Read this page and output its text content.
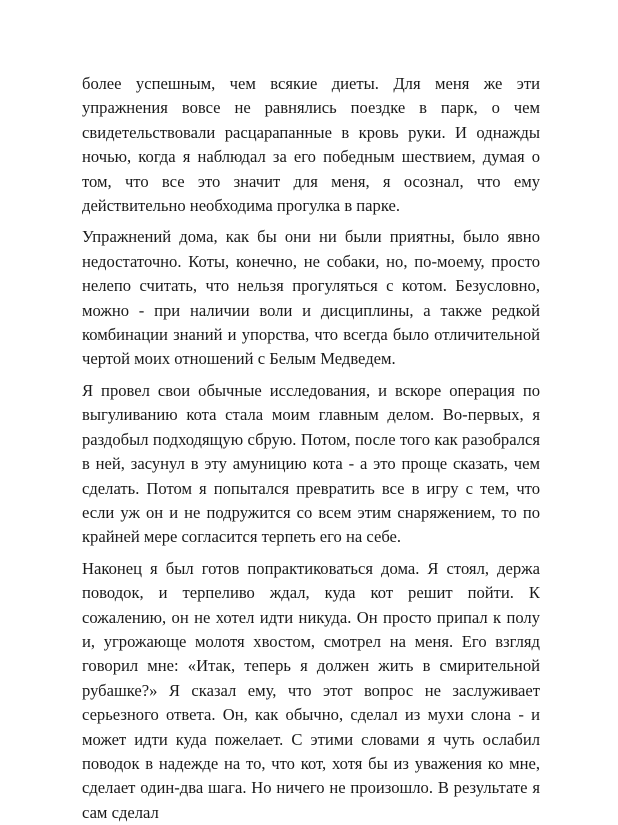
более успешным, чем всякие диеты. Для меня же эти упражнения вовсе не равнялись поездке в парк, о чем свидетельствовали расцарапанные в кровь руки. И однажды ночью, когда я наблюдал за его победным шествием, думая о том, что все это значит для меня, я осознал, что ему действительно необходима прогулка в парке.

Упражнений дома, как бы они ни были приятны, было явно недостаточно. Коты, конечно, не собаки, но, по-моему, просто нелепо считать, что нельзя прогуляться с котом. Безусловно, можно - при наличии воли и дисциплины, а также редкой комбинации знаний и упорства, что всегда было отличительной чертой моих отношений с Белым Медведем.

Я провел свои обычные исследования, и вскоре операция по выгуливанию кота стала моим главным делом. Во-первых, я раздобыл подходящую сбрую. Потом, после того как разобрался в ней, засунул в эту амуницию кота - а это проще сказать, чем сделать. Потом я попытался превратить все в игру с тем, что если уж он и не подружится со всем этим снаряжением, то по крайней мере согласится терпеть его на себе.

Наконец я был готов попрактиковаться дома. Я стоял, держа поводок, и терпеливо ждал, куда кот решит пойти. К сожалению, он не хотел идти никуда. Он просто припал к полу и, угрожающе молотя хвостом, смотрел на меня. Его взгляд говорил мне: «Итак, теперь я должен жить в смирительной рубашке?» Я сказал ему, что этот вопрос не заслуживает серьезного ответа. Он, как обычно, сделал из мухи слона - и может идти куда пожелает. С этими словами я чуть ослабил поводок в надежде на то, что кот, хотя бы из уважения ко мне, сделает один-два шага. Но ничего не произошло. В результате я сам сделал
